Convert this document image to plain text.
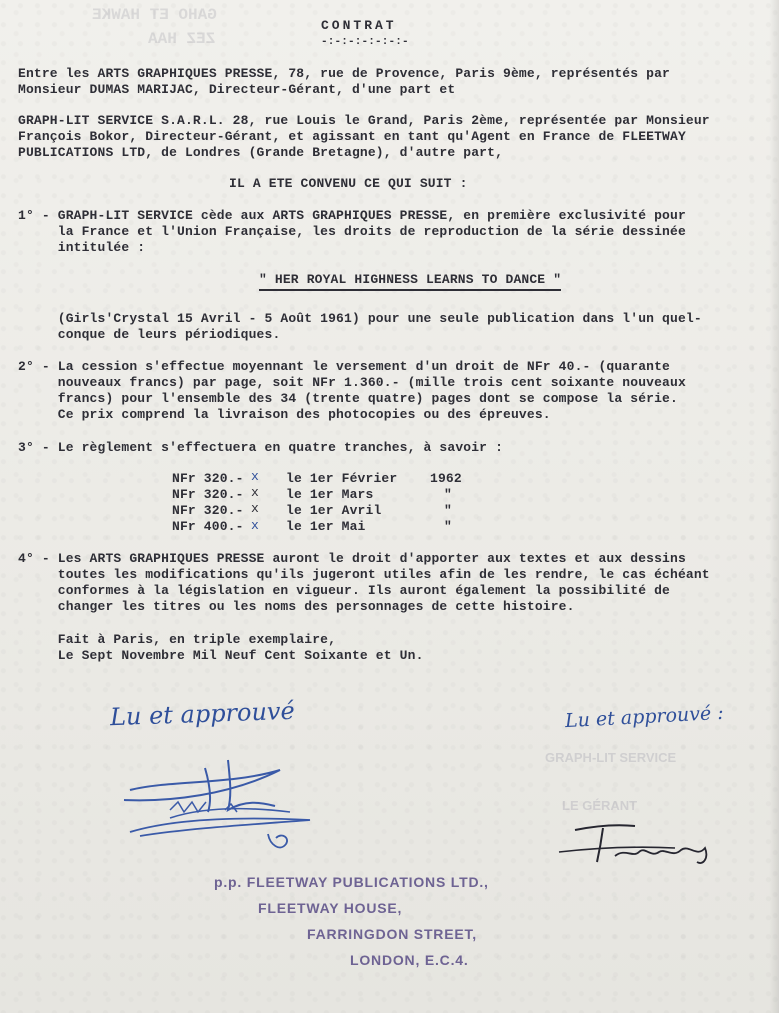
GAHO ET HAWKE
ZEZ HAA
CONTRAT
-:-:-:-:-:-:-
Entre les ARTS GRAPHIQUES PRESSE, 78, rue de Provence, Paris 9ème, représentés par
Monsieur DUMAS MARIJAC, Directeur-Gérant, d'une part et
GRAPH-LIT SERVICE S.A.R.L. 28, rue Louis le Grand, Paris 2ème, représentée par Monsieur
François Bokor, Directeur-Gérant, et agissant en tant qu'Agent en France de FLEETWAY
PUBLICATIONS LTD, de Londres (Grande Bretagne), d'autre part,
IL A ETE CONVENU CE QUI SUIT :
1° - GRAPH-LIT SERVICE cède aux ARTS GRAPHIQUES PRESSE, en première exclusivité pour
la France et l'Union Française, les droits de reproduction de la série dessinée
intitulée :
" HER ROYAL HIGHNESS LEARNS TO DANCE "
(Girls'Crystal 15 Avril - 5 Août 1961) pour une seule publication dans l'un quel-
conque de leurs périodiques.
2° - La cession s'effectue moyennant le versement d'un droit de NFr 40.- (quarante
nouveaux francs) par page, soit NFr 1.360.- (mille trois cent soixante nouveaux
francs) pour l'ensemble des 34 (trente quatre) pages dont se compose la série.
Ce prix comprend la livraison des photocopies ou des épreuves.
3° - Le règlement s'effectuera en quatre tranches, à savoir :
NFr 320.- x le 1er Février	1962
NFr 320.- x le 1er Mars	"
NFr 320.- x le 1er Avril	"
NFr 400.- x le 1er Mai	"
4° - Les ARTS GRAPHIQUES PRESSE auront le droit d'apporter aux textes et aux dessins
toutes les modifications qu'ils jugeront utiles afin de les rendre, le cas échéant
conformes à la législation en vigueur. Ils auront également la possibilité de
changer les titres ou les noms des personnages de cette histoire.
Fait à Paris, en triple exemplaire,
Le Sept Novembre Mil Neuf Cent Soixante et Un.
Lu et approuvé	Lu et approuvé :
GRAPH-LIT SERVICE
LE GÉRANT
p.p. FLEETWAY PUBLICATIONS LTD.,
FLEETWAY HOUSE,
FARRINGDON STREET,
LONDON, E.C.4.
